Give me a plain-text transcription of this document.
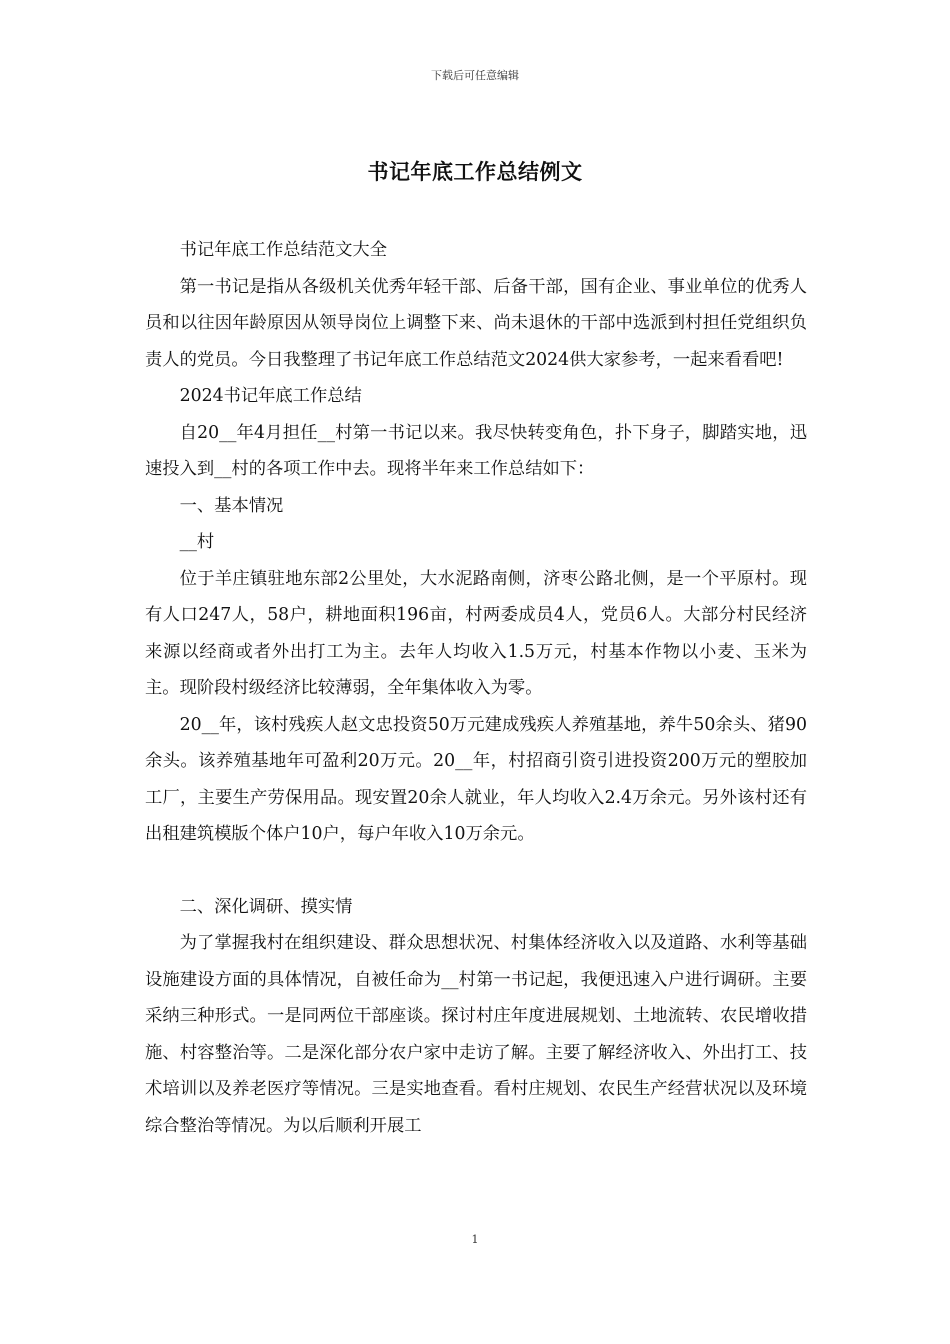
下载后可任意编辑
书记年底工作总结例文

书记年底工作总结范文大全

第一书记是指从各级机关优秀年轻干部、后备干部，国有企业、事业单位的优秀人员和以往因年龄原因从领导岗位上调整下来、尚未退休的干部中选派到村担任党组织负责人的党员。今日我整理了书记年底工作总结范文2024供大家参考，一起来看看吧!

2024书记年底工作总结

自20__年4月担任__村第一书记以来。我尽快转变角色，扑下身子，脚踏实地，迅速投入到__村的各项工作中去。现将半年来工作总结如下：

一、基本情况

__村

位于羊庄镇驻地东部2公里处，大水泥路南侧，济枣公路北侧，是一个平原村。现有人口247人，58户，耕地面积196亩，村两委成员4人，党员6人。大部分村民经济来源以经商或者外出打工为主。去年人均收入1.5万元，村基本作物以小麦、玉米为主。现阶段村级经济比较薄弱，全年集体收入为零。

20__年，该村残疾人赵文忠投资50万元建成残疾人养殖基地，养牛50余头、猪90余头。该养殖基地年可盈利20万元。20__年，村招商引资引进投资200万元的塑胶加工厂，主要生产劳保用品。现安置20余人就业，年人均收入2.4万余元。另外该村还有出租建筑模版个体户10户，每户年收入10万余元。

二、深化调研、摸实情

为了掌握我村在组织建设、群众思想状况、村集体经济收入以及道路、水利等基础设施建设方面的具体情况，自被任命为__村第一书记起，我便迅速入户进行调研。主要采纳三种形式。一是同两位干部座谈。探讨村庄年度进展规划、土地流转、农民增收措施、村容整治等。二是深化部分农户家中走访了解。主要了解经济收入、外出打工、技术培训以及养老医疗等情况。三是实地查看。看村庄规划、农民生产经营状况以及环境综合整治等情况。为以后顺利开展工

1
